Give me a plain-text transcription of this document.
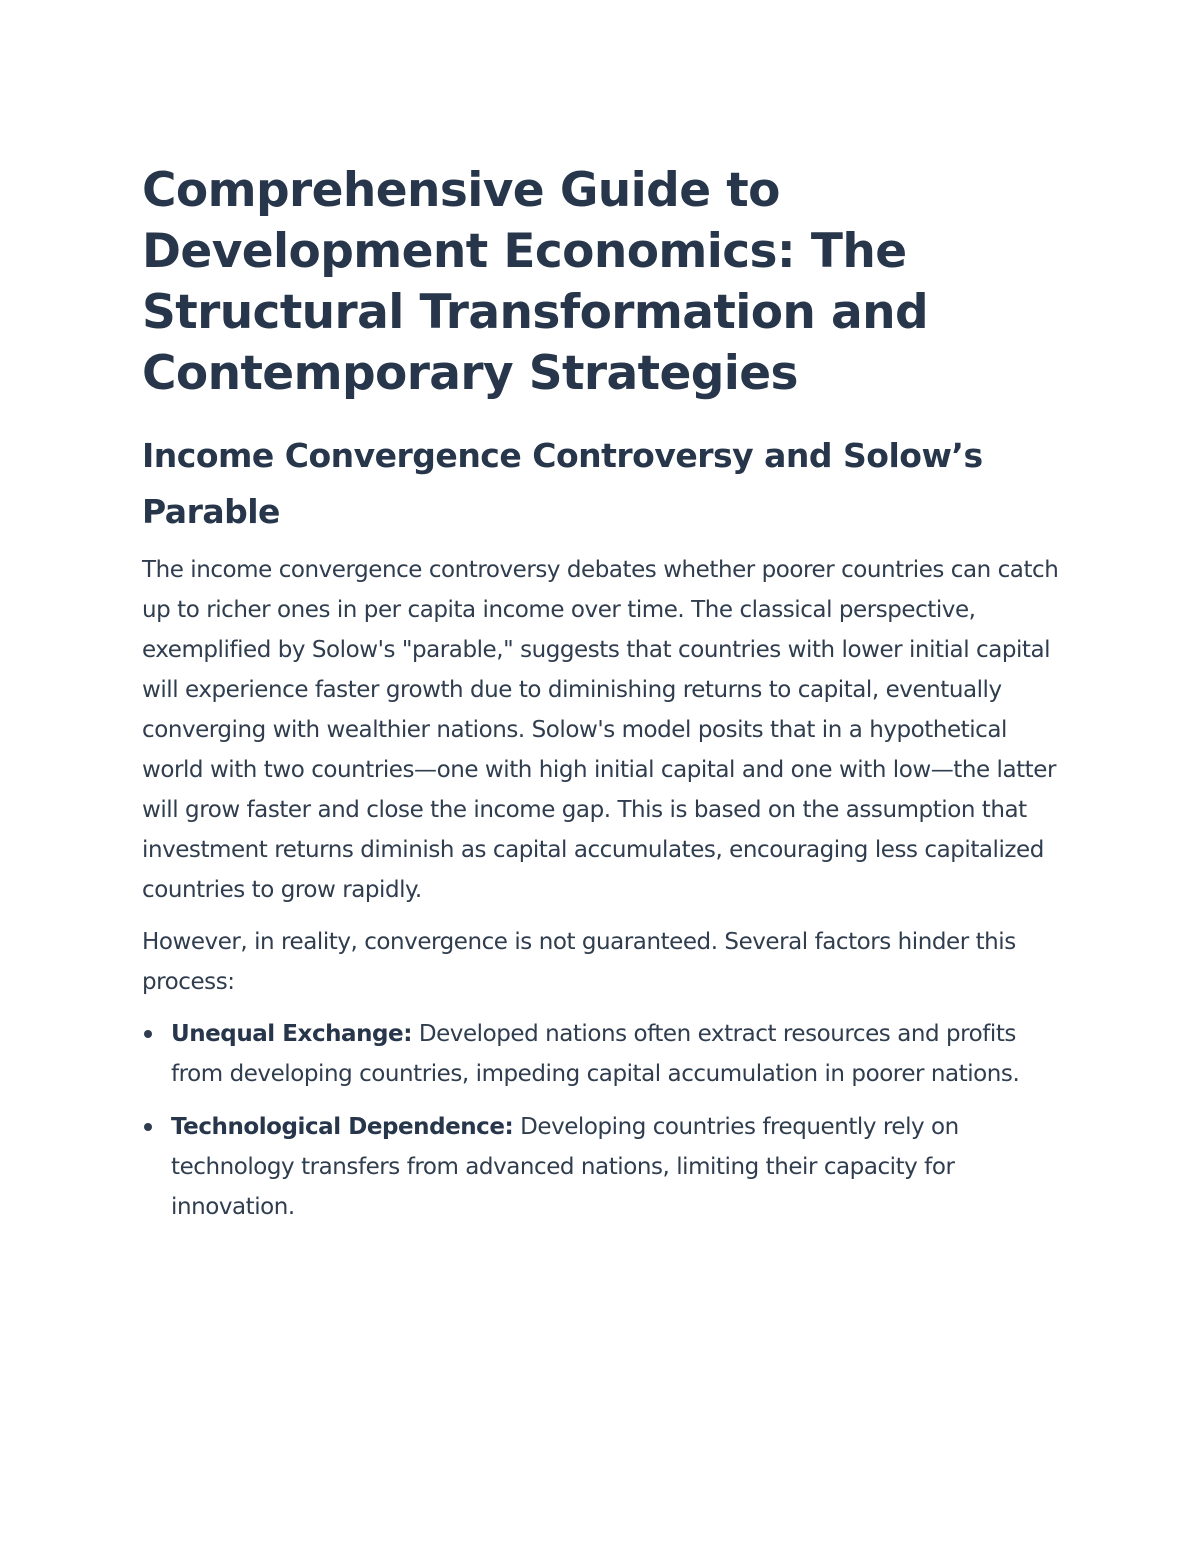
Comprehensive Guide to Development Economics: The Structural Transformation and Contemporary Strategies
Income Convergence Controversy and Solow’s Parable

The income convergence controversy debates whether poorer countries can catch up to richer ones in per capita income over time. The classical perspective, exemplified by Solow's "parable," suggests that countries with lower initial capital will experience faster growth due to diminishing returns to capital, eventually converging with wealthier nations. Solow's model posits that in a hypothetical world with two countries—one with high initial capital and one with low—the latter will grow faster and close the income gap. This is based on the assumption that investment returns diminish as capital accumulates, encouraging less capitalized countries to grow rapidly.

However, in reality, convergence is not guaranteed. Several factors hinder this process:

Unequal Exchange: Developed nations often extract resources and profits from developing countries, impeding capital accumulation in poorer nations.
Technological Dependence: Developing countries frequently rely on technology transfers from advanced nations, limiting their capacity for innovation.
